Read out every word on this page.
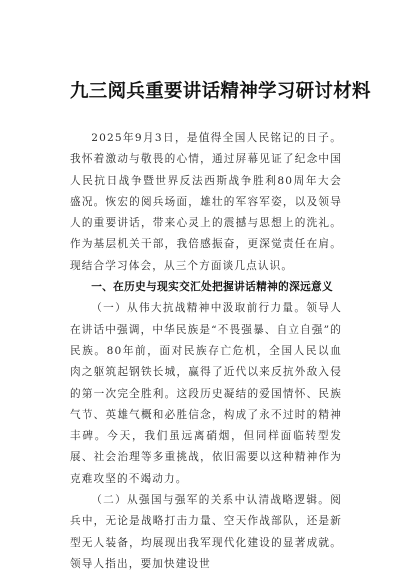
九三阅兵重要讲话精神学习研讨材料

2025年9月3日，是值得全国人民铭记的日子。我怀着激动与敬畏的心情，通过屏幕见证了纪念中国人民抗日战争暨世界反法西斯战争胜利80周年大会盛况。恢宏的阅兵场面，雄壮的军容军姿，以及领导人的重要讲话，带来心灵上的震撼与思想上的洗礼。作为基层机关干部，我倍感振奋，更深觉责任在肩。现结合学习体会，从三个方面谈几点认识。

一、在历史与现实交汇处把握讲话精神的深远意义

（一）从伟大抗战精神中汲取前行力量。领导人在讲话中强调，中华民族是“不畏强暴、自立自强”的民族。80年前，面对民族存亡危机，全国人民以血肉之躯筑起钢铁长城，赢得了近代以来反抗外敌入侵的第一次完全胜利。这段历史凝结的爱国情怀、民族气节、英雄气概和必胜信念，构成了永不过时的精神丰碑。今天，我们虽远离硝烟，但同样面临转型发展、社会治理等多重挑战，依旧需要以这种精神作为克难攻坚的不竭动力。

（二）从强国与强军的关系中认清战略逻辑。阅兵中，无论是战略打击力量、空天作战部队，还是新型无人装备，均展现出我军现代化建设的显著成就。领导人指出，要加快建设世
